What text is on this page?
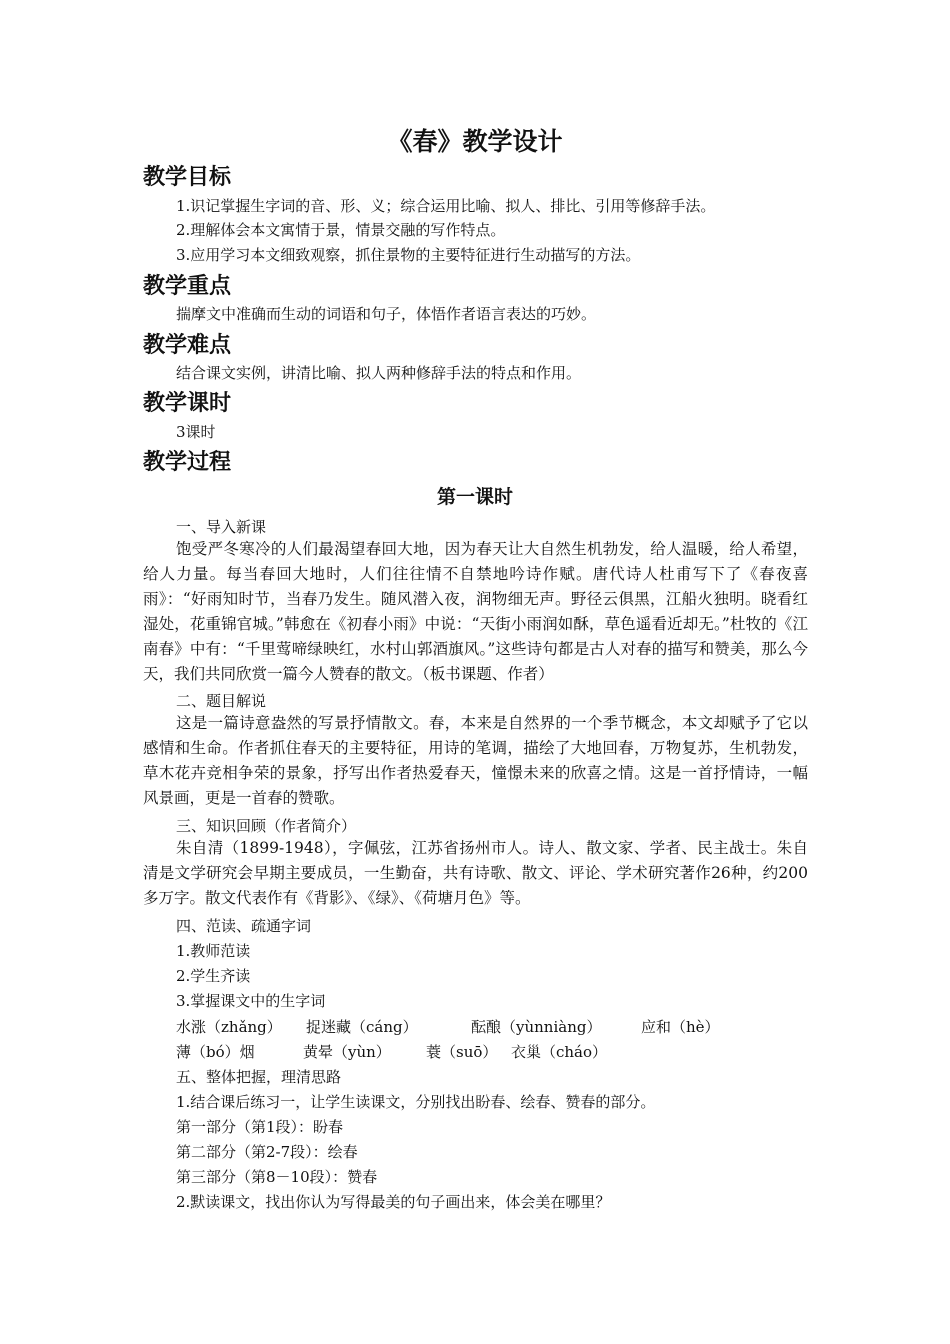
《春》教学设计
教学目标
1.识记掌握生字词的音、形、义；综合运用比喻、拟人、排比、引用等修辞手法。
2.理解体会本文寓情于景，情景交融的写作特点。
3.应用学习本文细致观察，抓住景物的主要特征进行生动描写的方法。
教学重点
揣摩文中准确而生动的词语和句子，体悟作者语言表达的巧妙。
教学难点
结合课文实例，讲清比喻、拟人两种修辞手法的特点和作用。
教学课时
3课时
教学过程
第一课时
一、导入新课
饱受严冬寒冷的人们最渴望春回大地，因为春天让大自然生机勃发，给人温暖，给人希望，给人力量。每当春回大地时，人们往往情不自禁地吟诗作赋。唐代诗人杜甫写下了《春夜喜雨》：“好雨知时节，当春乃发生。随风潜入夜，润物细无声。野径云俱黑，江船火独明。晓看红湿处，花重锦官城。”韩愈在《初春小雨》中说：“天街小雨润如酥，草色遥看近却无。”杜牧的《江南春》中有：“千里莺啼绿映红，水村山郭酒旗风。”这些诗句都是古人对春的描写和赞美，那么今天，我们共同欣赏一篇今人赞春的散文。（板书课题、作者）
二、题目解说
这是一篇诗意盎然的写景抒情散文。春，本来是自然界的一个季节概念，本文却赋予了它以感情和生命。作者抓住春天的主要特征，用诗的笔调，描绘了大地回春，万物复苏，生机勃发，草木花卉竞相争荣的景象，抒写出作者热爱春天，憧憬未来的欣喜之情。这是一首抒情诗，一幅风景画，更是一首春的赞歌。
三、知识回顾（作者简介）
朱自清（1899-1948），字佩弦，江苏省扬州市人。诗人、散文家、学者、民主战士。朱自清是文学研究会早期主要成员，一生勤奋，共有诗歌、散文、评论、学术研究著作26种，约200多万字。散文代表作有《背影》、《绿》、《荷塘月色》等。
四、范读、疏通字词
1.教师范读
2.学生齐读
3.掌握课文中的生字词
水涨（zhǎng） 捉迷藏（cáng）	酝酿（yùnniàng）	应和（hè）
薄（bó）烟	黄晕（yùn） 蓑（suō） 衣巢（cháo）
五、整体把握，理清思路
1.结合课后练习一，让学生读课文，分别找出盼春、绘春、赞春的部分。
第一部分（第1段）：盼春
第二部分（第2-7段）：绘春
第三部分（第8－10段）：赞春
2.默读课文，找出你认为写得最美的句子画出来，体会美在哪里？
